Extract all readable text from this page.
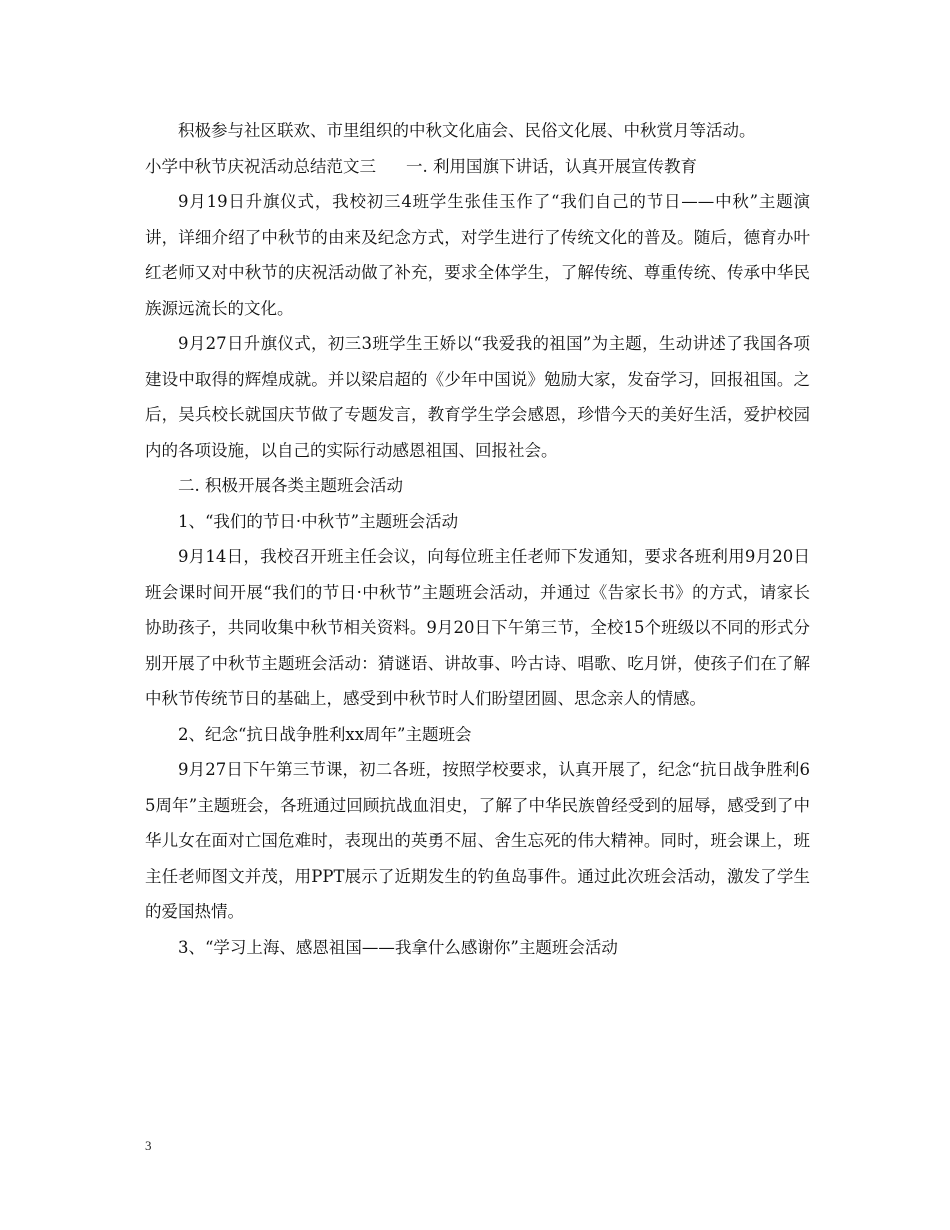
积极参与社区联欢、市里组织的中秋文化庙会、民俗文化展、中秋赏月等活动。

小学中秋节庆祝活动总结范文三 一. 利用国旗下讲话，认真开展宣传教育

9月19日升旗仪式，我校初三4班学生张佳玉作了“我们自己的节日——中秋”主题演讲，详细介绍了中秋节的由来及纪念方式，对学生进行了传统文化的普及。随后，德育办叶红老师又对中秋节的庆祝活动做了补充，要求全体学生，了解传统、尊重传统、传承中华民族源远流长的文化。

9月27日升旗仪式，初三3班学生王娇以“我爱我的祖国”为主题，生动讲述了我国各项建设中取得的辉煌成就。并以梁启超的《少年中国说》勉励大家，发奋学习，回报祖国。之后，吴兵校长就国庆节做了专题发言，教育学生学会感恩，珍惜今天的美好生活，爱护校园内的各项设施，以自己的实际行动感恩祖国、回报社会。

二. 积极开展各类主题班会活动

1、“我们的节日·中秋节”主题班会活动

9月14日，我校召开班主任会议，向每位班主任老师下发通知，要求各班利用9月20日班会课时间开展“我们的节日·中秋节”主题班会活动，并通过《告家长书》的方式，请家长协助孩子，共同收集中秋节相关资料。9月20日下午第三节，全校15个班级以不同的形式分别开展了中秋节主题班会活动：猜谜语、讲故事、吟古诗、唱歌、吃月饼，使孩子们在了解中秋节传统节日的基础上，感受到中秋节时人们盼望团圆、思念亲人的情感。

2、纪念“抗日战争胜利xx周年”主题班会

9月27日下午第三节课，初二各班，按照学校要求，认真开展了，纪念“抗日战争胜利65周年”主题班会，各班通过回顾抗战血泪史，了解了中华民族曾经受到的屈辱，感受到了中华儿女在面对亡国危难时，表现出的英勇不屈、舍生忘死的伟大精神。同时，班会课上，班主任老师图文并茂，用PPT展示了近期发生的钓鱼岛事件。通过此次班会活动，激发了学生的爱国热情。

3、“学习上海、感恩祖国——我拿什么感谢你”主题班会活动

3
